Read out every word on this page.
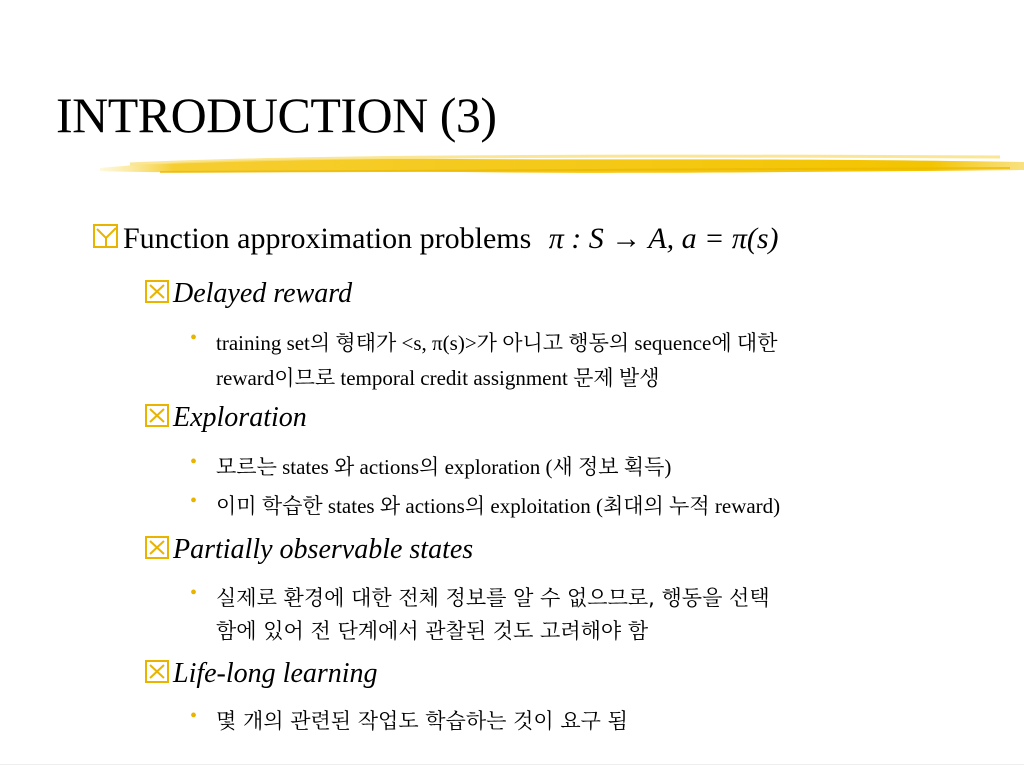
INTRODUCTION (3)
Function approximation problems π : S → A, a = π(s)
Delayed reward
• training set의 형태가 <s, π(s)>가 아니고 행동의 sequence에 대한
reward이므로 temporal credit assignment 문제 발생
Exploration
• 모르는 states 와 actions의 exploration (새 정보 획득)
• 이미 학습한 states 와 actions의 exploitation (최대의 누적 reward)
Partially observable states
• 실제로 환경에 대한 전체 정보를 알 수 없으므로, 행동을 선택
함에 있어 전 단계에서 관찰된 것도 고려해야 함
Life-long learning
• 몇 개의 관련된 작업도 학습하는 것이 요구 됨
